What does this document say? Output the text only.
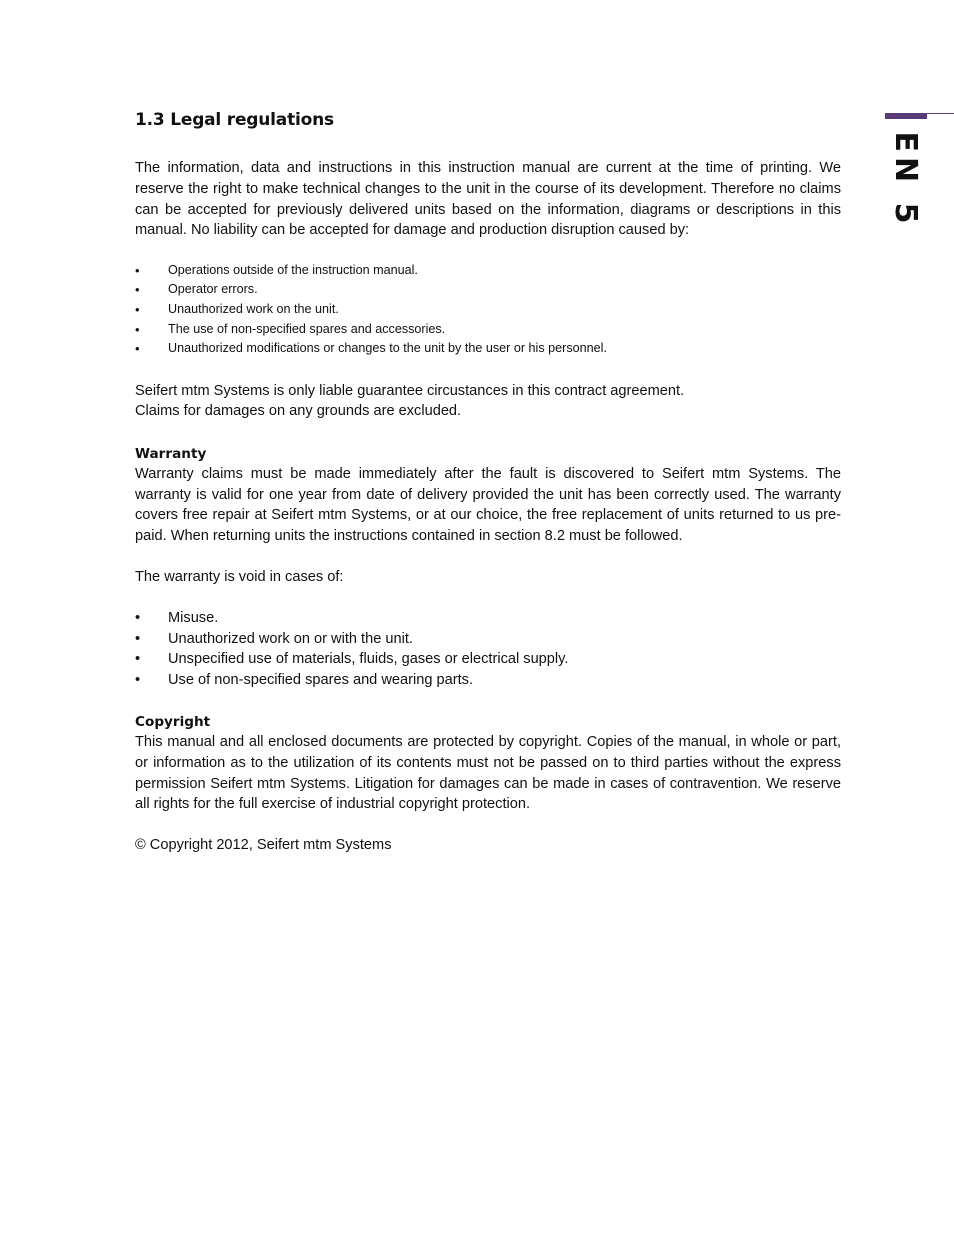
EN 5
1.3 Legal regulations

The information, data and instructions in this instruction manual are current at the time of printing. We reserve the right to make technical changes to the unit in the course of its development. Therefore no claims can be accepted for previously delivered units based on the information, diagrams or descriptions in this manual. No liability can be accepted for damage and production disruption caused by:

• Operations outside of the instruction manual.
• Operator errors.
• Unauthorized work on the unit.
• The use of non-specified spares and accessories.
• Unauthorized modifications or changes to the unit by the user or his personnel.

Seifert mtm Systems is only liable guarantee circustances in this contract agreement.

Claims for damages on any grounds are excluded.

Warranty

Warranty claims must be made immediately after the fault is discovered to Seifert mtm Systems. The warranty is valid for one year from date of delivery provided the unit has been correctly used. The warranty covers free repair at Seifert mtm Systems, or at our choice, the free replacement of units returned to us pre-paid. When returning units the instructions contained in section 8.2 must be followed.

The warranty is void in cases of:

• Misuse.
• Unauthorized work on or with the unit.
• Unspecified use of materials, fluids, gases or electrical supply.
• Use of non-specified spares and wearing parts.
Copyright

This manual and all enclosed documents are protected by copyright. Copies of the manual, in whole or part, or information as to the utilization of its contents must not be passed on to third parties without the express permission Seifert mtm Systems. Litigation for damages can be made in cases of contravention. We reserve all rights for the full exercise of industrial copyright protection.

© Copyright 2012, Seifert mtm Systems
